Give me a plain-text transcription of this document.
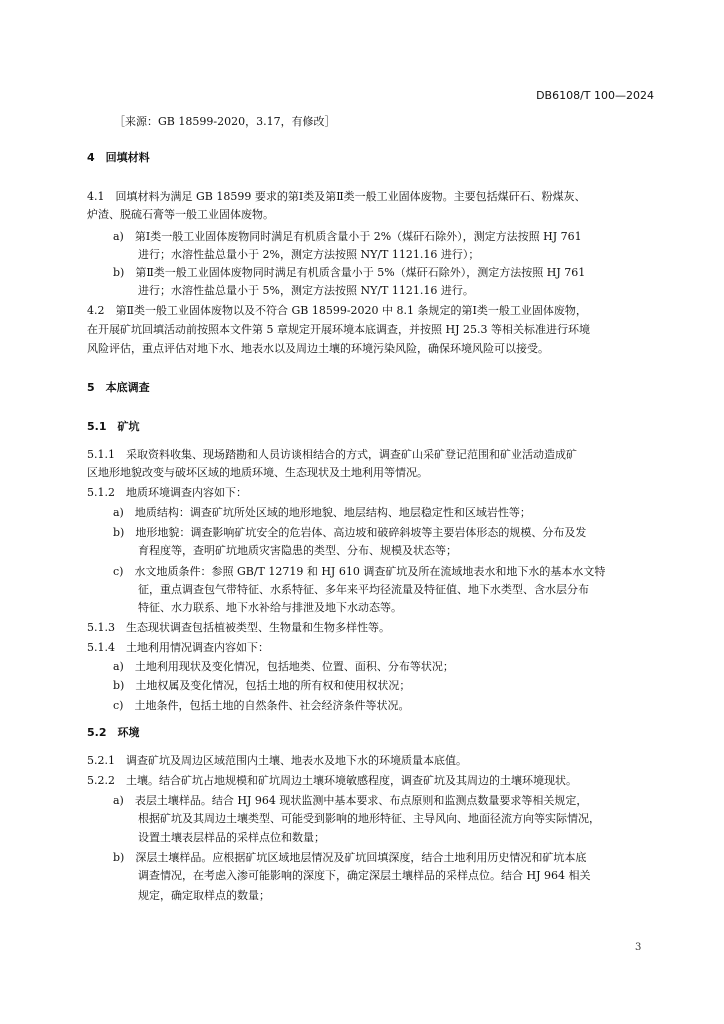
DB6108/T 100—2024
［来源：GB 18599-2020，3.17，有修改］
4　回填材料
4.1　回填材料为满足 GB 18599 要求的第Ⅰ类及第Ⅱ类一般工业固体废物。主要包括煤矸石、粉煤灰、
炉渣、脱硫石膏等一般工业固体废物。
a)　第Ⅰ类一般工业固体废物同时满足有机质含量小于 2%（煤矸石除外），测定方法按照 HJ 761
进行；水溶性盐总量小于 2%，测定方法按照 NY/T 1121.16 进行）；
b)　第Ⅱ类一般工业固体废物同时满足有机质含量小于 5%（煤矸石除外），测定方法按照 HJ 761
进行；水溶性盐总量小于 5%，测定方法按照 NY/T 1121.16 进行。
4.2　第Ⅱ类一般工业固体废物以及不符合 GB 18599-2020 中 8.1 条规定的第Ⅰ类一般工业固体废物，
在开展矿坑回填活动前按照本文件第 5 章规定开展环境本底调查，并按照 HJ 25.3 等相关标准进行环境
风险评估，重点评估对地下水、地表水以及周边土壤的环境污染风险，确保环境风险可以接受。
5　本底调查
5.1　矿坑
5.1.1　采取资料收集、现场踏勘和人员访谈相结合的方式，调查矿山采矿登记范围和矿业活动造成矿
区地形地貌改变与破坏区域的地质环境、生态现状及土地利用等情况。
5.1.2　地质环境调查内容如下：
a)　地质结构：调查矿坑所处区域的地形地貌、地层结构、地层稳定性和区域岩性等；
b)　地形地貌：调查影响矿坑安全的危岩体、高边坡和破碎斜坡等主要岩体形态的规模、分布及发
育程度等，查明矿坑地质灾害隐患的类型、分布、规模及状态等；
c)　水文地质条件：参照 GB/T 12719 和 HJ 610 调查矿坑及所在流域地表水和地下水的基本水文特
征，重点调查包气带特征、水系特征、多年来平均径流量及特征值、地下水类型、含水层分布
特征、水力联系、地下水补给与排泄及地下水动态等。
5.1.3　生态现状调查包括植被类型、生物量和生物多样性等。
5.1.4　土地利用情况调查内容如下：
a)　土地利用现状及变化情况，包括地类、位置、面积、分布等状况；
b)　土地权属及变化情况，包括土地的所有权和使用权状况；
c)　土地条件，包括土地的自然条件、社会经济条件等状况。
5.2　环境
5.2.1　调查矿坑及周边区域范围内土壤、地表水及地下水的环境质量本底值。
5.2.2　土壤。结合矿坑占地规模和矿坑周边土壤环境敏感程度，调查矿坑及其周边的土壤环境现状。
a)　表层土壤样品。结合 HJ 964 现状监测中基本要求、布点原则和监测点数量要求等相关规定，
根据矿坑及其周边土壤类型、可能受到影响的地形特征、主导风向、地面径流方向等实际情况，
设置土壤表层样品的采样点位和数量；
b)　深层土壤样品。应根据矿坑区域地层情况及矿坑回填深度，结合土地利用历史情况和矿坑本底
调查情况，在考虑入渗可能影响的深度下，确定深层土壤样品的采样点位。结合 HJ 964 相关
规定，确定取样点的数量；
3
